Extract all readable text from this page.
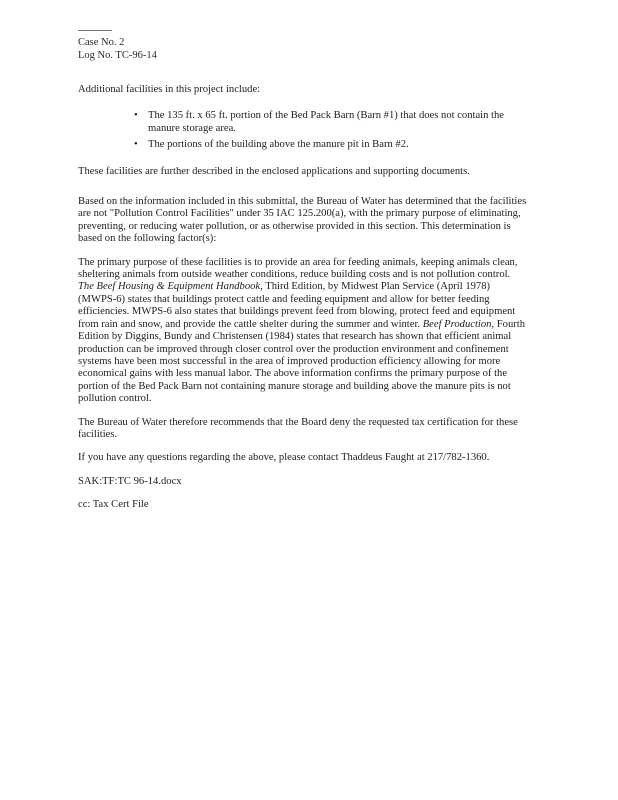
Case No. 2
Log No. TC-96-14

Additional facilities in this project include:

• The 135 ft. x 65 ft. portion of the Bed Pack Barn (Barn #1) that does not contain the manure storage area.
• The portions of the building above the manure pit in Barn #2.

These facilities are further described in the enclosed applications and supporting documents.

Based on the information included in this submittal, the Bureau of Water has determined that the facilities are not "Pollution Control Facilities" under 35 IAC 125.200(a), with the primary purpose of eliminating, preventing, or reducing water pollution, or as otherwise provided in this section. This determination is based on the following factor(s):

The primary purpose of these facilities is to provide an area for feeding animals, keeping animals clean, sheltering animals from outside weather conditions, reduce building costs and is not pollution control. The Beef Housing & Equipment Handbook, Third Edition, by Midwest Plan Service (April 1978) (MWPS-6) states that buildings protect cattle and feeding equipment and allow for better feeding efficiencies. MWPS-6 also states that buildings prevent feed from blowing, protect feed and equipment from rain and snow, and provide the cattle shelter during the summer and winter. Beef Production, Fourth Edition by Diggins, Bundy and Christensen (1984) states that research has shown that efficient animal production can be improved through closer control over the production environment and confinement systems have been most successful in the area of improved production efficiency allowing for more economical gains with less manual labor. The above information confirms the primary purpose of the portion of the Bed Pack Barn not containing manure storage and building above the manure pits is not pollution control.

The Bureau of Water therefore recommends that the Board deny the requested tax certification for these facilities.

If you have any questions regarding the above, please contact Thaddeus Faught at 217/782-1360.

SAK:TF:TC 96-14.docx

cc: Tax Cert File
